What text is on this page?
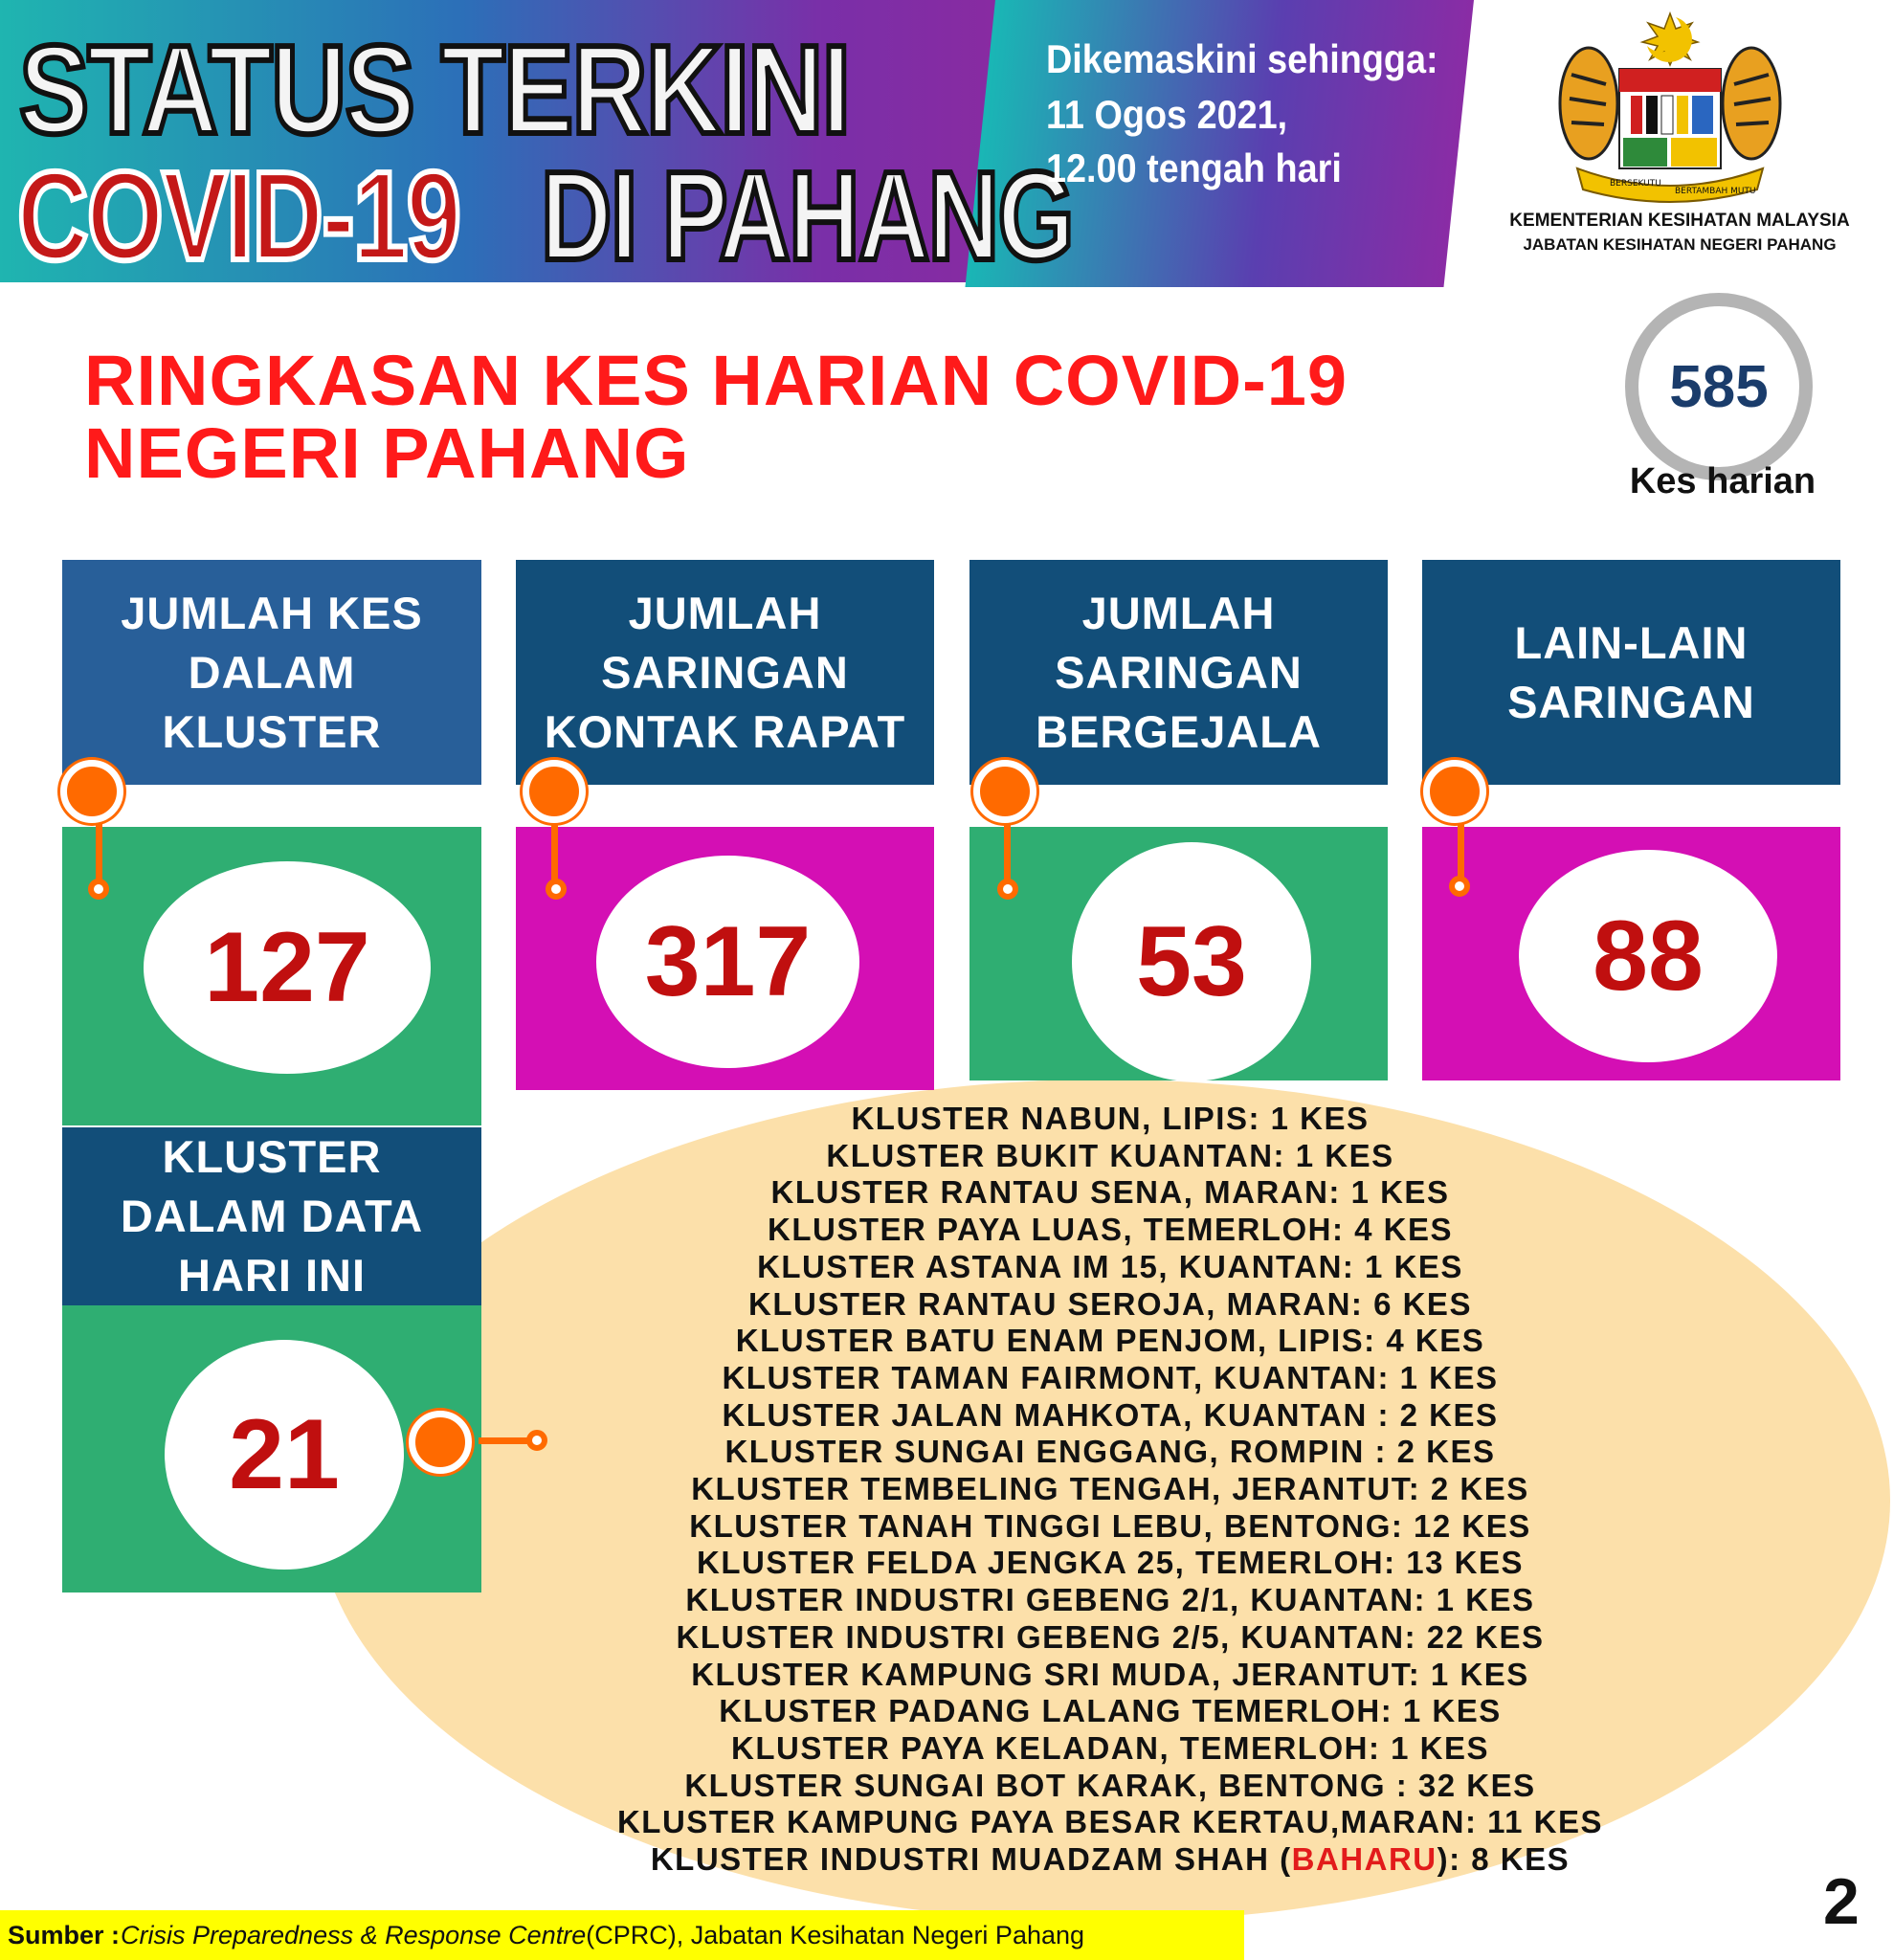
STATUS TERKINI
COVID-19 DI PAHANG
Dikemaskini sehingga:
11 Ogos 2021,
12.00 tengah hari	BERSEKUTU
BERTAMBAH MUTU
KEMENTERIAN KESIHATAN MALAYSIA
JABATAN KESIHATAN NEGERI PAHANG
RINGKASAN KES HARIAN COVID-19
NEGERI PAHANG
585
Kes harian
JUMLAH KES
DALAM
KLUSTER
127
JUMLAH
SARINGAN
KONTAK RAPAT
317
JUMLAH
SARINGAN
BERGEJALA
53
LAIN-LAIN
SARINGAN
88
KLUSTER
DALAM DATA
HARI INI
21
KLUSTER NABUN, LIPIS: 1 KES
KLUSTER BUKIT KUANTAN: 1 KES
KLUSTER RANTAU SENA, MARAN: 1 KES
KLUSTER PAYA LUAS, TEMERLOH: 4 KES
KLUSTER ASTANA IM 15, KUANTAN: 1 KES
KLUSTER RANTAU SEROJA, MARAN: 6 KES
KLUSTER BATU ENAM PENJOM, LIPIS: 4 KES
KLUSTER TAMAN FAIRMONT, KUANTAN: 1 KES
KLUSTER JALAN MAHKOTA, KUANTAN : 2 KES
KLUSTER SUNGAI ENGGANG, ROMPIN : 2 KES
KLUSTER TEMBELING TENGAH, JERANTUT: 2 KES
KLUSTER TANAH TINGGI LEBU, BENTONG: 12 KES
KLUSTER FELDA JENGKA 25, TEMERLOH: 13 KES
KLUSTER INDUSTRI GEBENG 2/1, KUANTAN: 1 KES
KLUSTER INDUSTRI GEBENG 2/5, KUANTAN: 22 KES
KLUSTER KAMPUNG SRI MUDA, JERANTUT: 1 KES
KLUSTER PADANG LALANG TEMERLOH: 1 KES
KLUSTER PAYA KELADAN, TEMERLOH: 1 KES
KLUSTER SUNGAI BOT KARAK, BENTONG : 32 KES
KLUSTER KAMPUNG PAYA BESAR KERTAU,MARAN: 11 KES
KLUSTER INDUSTRI MUADZAM SHAH (BAHARU): 8 KES
2
Sumber : Crisis Preparedness & Response Centre (CPRC), Jabatan Kesihatan Negeri Pahang
